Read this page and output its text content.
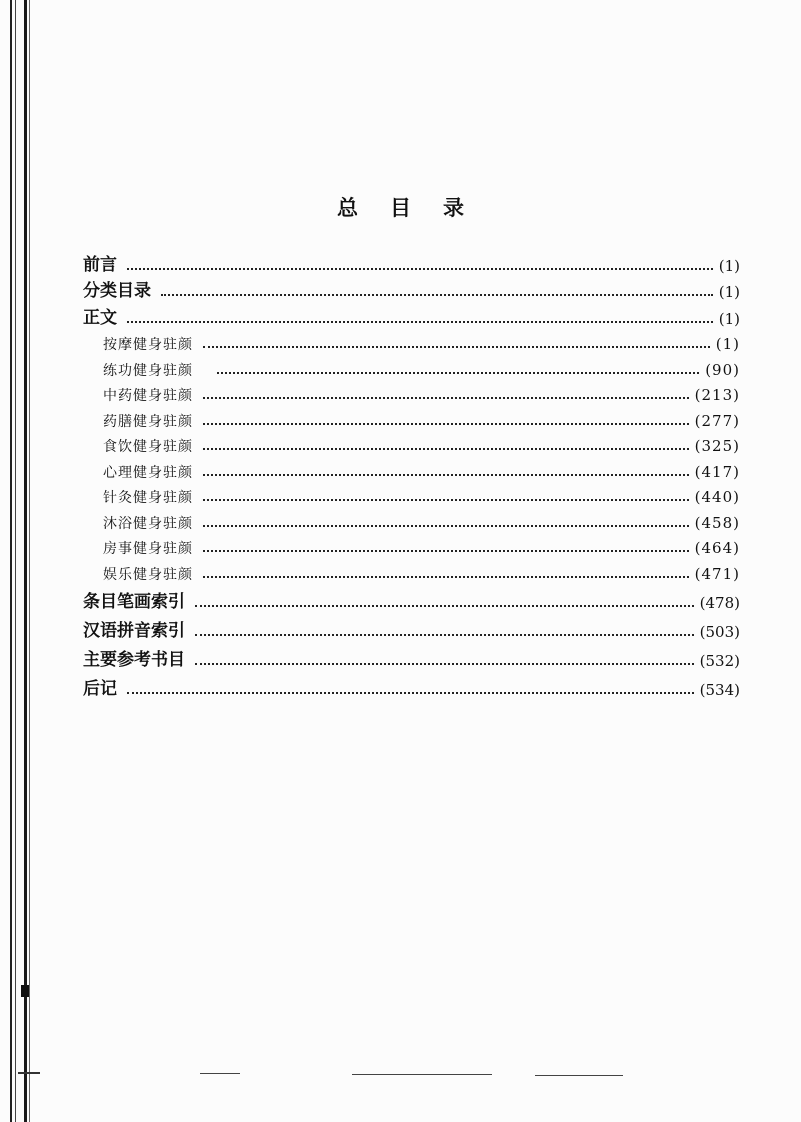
总 目 录
前言	(1)
分类目录	(1)
正文	(1)
按摩健身驻颜	(1)
练功健身驻颜	(90)
中药健身驻颜	(213)
药膳健身驻颜	(277)
食饮健身驻颜	(325)
心理健身驻颜	(417)
针灸健身驻颜	(440)
沐浴健身驻颜	(458)
房事健身驻颜	(464)
娱乐健身驻颜	(471)
条目笔画索引	(478)
汉语拼音索引	(503)
主要参考书目	(532)
后记	(534)
